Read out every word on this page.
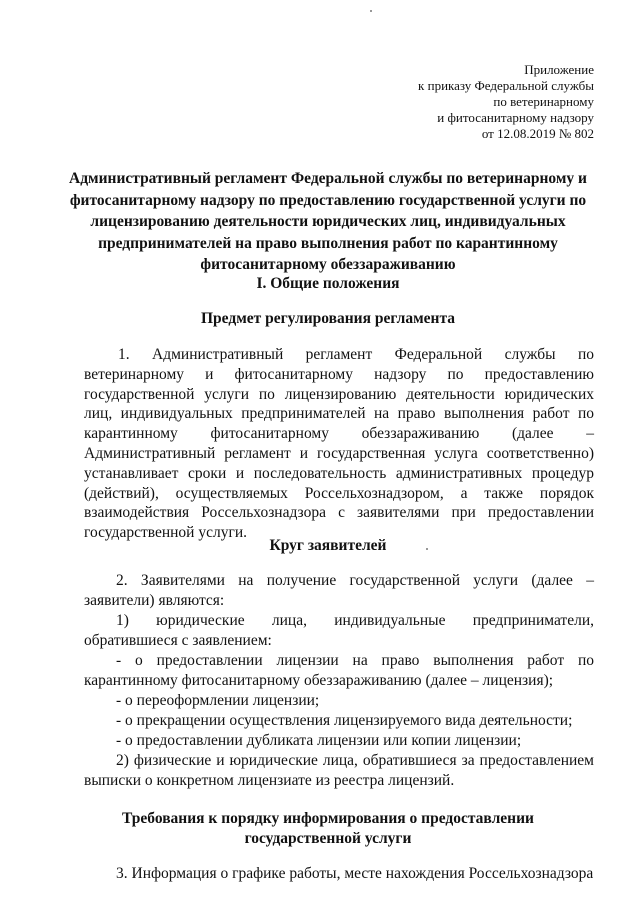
Приложение
к приказу Федеральной службы
по ветеринарному
и фитосанитарному надзору
от 12.08.2019 № 802

Административный регламент Федеральной службы по ветеринарному и фитосанитарному надзору по предоставлению государственной услуги по лицензированию деятельности юридических лиц, индивидуальных предпринимателей на право выполнения работ по карантинному фитосанитарному обеззараживанию

I. Общие положения

Предмет регулирования регламента

1. Административный регламент Федеральной службы по ветеринарному и фитосанитарному надзору по предоставлению государственной услуги по лицензированию деятельности юридических лиц, индивидуальных предпринимателей на право выполнения работ по карантинному фитосанитарному обеззараживанию (далее – Административный регламент и государственная услуга соответственно) устанавливает сроки и последовательность административных процедур (действий), осуществляемых Россельхознадзором, а также порядок взаимодействия Россельхознадзора с заявителями при предоставлении государственной услуги.

Круг заявителей

2. Заявителями на получение государственной услуги (далее – заявители) являются:

1) юридические лица, индивидуальные предприниматели, обратившиеся с заявлением:

- о предоставлении лицензии на право выполнения работ по карантинному фитосанитарному обеззараживанию (далее – лицензия);

- о переоформлении лицензии;

- о прекращении осуществления лицензируемого вида деятельности;

- о предоставлении дубликата лицензии или копии лицензии;

2) физические и юридические лица, обратившиеся за предоставлением выписки о конкретном лицензиате из реестра лицензий.

Требования к порядку информирования о предоставлении государственной услуги

3. Информация о графике работы, месте нахождения Россельхознадзора
